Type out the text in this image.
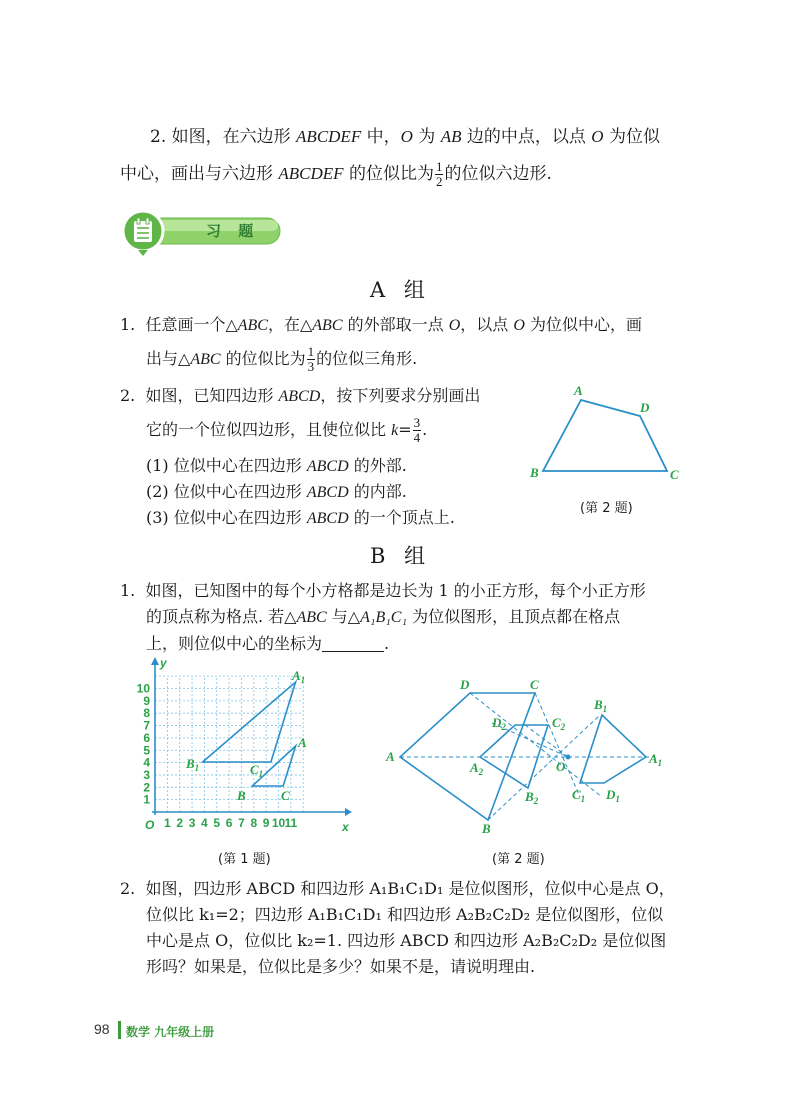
2. 如图，在六边形 ABCDEF 中，O 为 AB 边的中点，以点 O 为位似
中心，画出与六边形 ABCDEF 的位似比为 $\frac{1}{2}$ 的位似六边形.
习 题
A 组
1. 任意画一个△ABC，在△ABC 的外部取一点 O，以点 O 为位似中心，画
出与△ABC 的位似比为 $\frac{1}{3}$ 的位似三角形.
2. 如图，已知四边形 ABCD，按下列要求分别画出
它的一个位似四边形，且使位似比 $k= \frac{3}{4}$ .
(1) 位似中心在四边形 ABCD 的外部.
(2) 位似中心在四边形 ABCD 的内部.
(3) 位似中心在四边形 ABCD 的一个顶点上.
A
D
B	C
(第 2 题)
B 组
1. 如图，已知图中的每个小方格都是边长为 1 的小正方形，每个小正方形
的顶点称为格点. 若△ABC 与△A₁B₁C₁ 为位似图形，且顶点都在格点
上，则位似中心的坐标为	.
y
x
O 1 2 3 4 5 6 7 8 9 10 11
1
2
3
4
5
6
7
8
9
10
$A_1$
$B_1$	$C_1$
A
B	C
(第 1 题)
A
B
C
D
O
$A_1$
$B_1$
$C_1$ $D_1$
$A_2$
$B_2$
$C_2$
$D_2$
(第 2 题)
2. 如图，四边形 ABCD 和四边形 A₁B₁C₁D₁ 是位似图形，位似中心是点 O，
位似比 k₁=2；四边形 A₁B₁C₁D₁ 和四边形 A₂B₂C₂D₂ 是位似图形，位似
中心是点 O，位似比 k₂=1. 四边形 ABCD 和四边形 A₂B₂C₂D₂ 是位似图
形吗？如果是，位似比是多少？如果不是，请说明理由.
98 数学 九年级上册
